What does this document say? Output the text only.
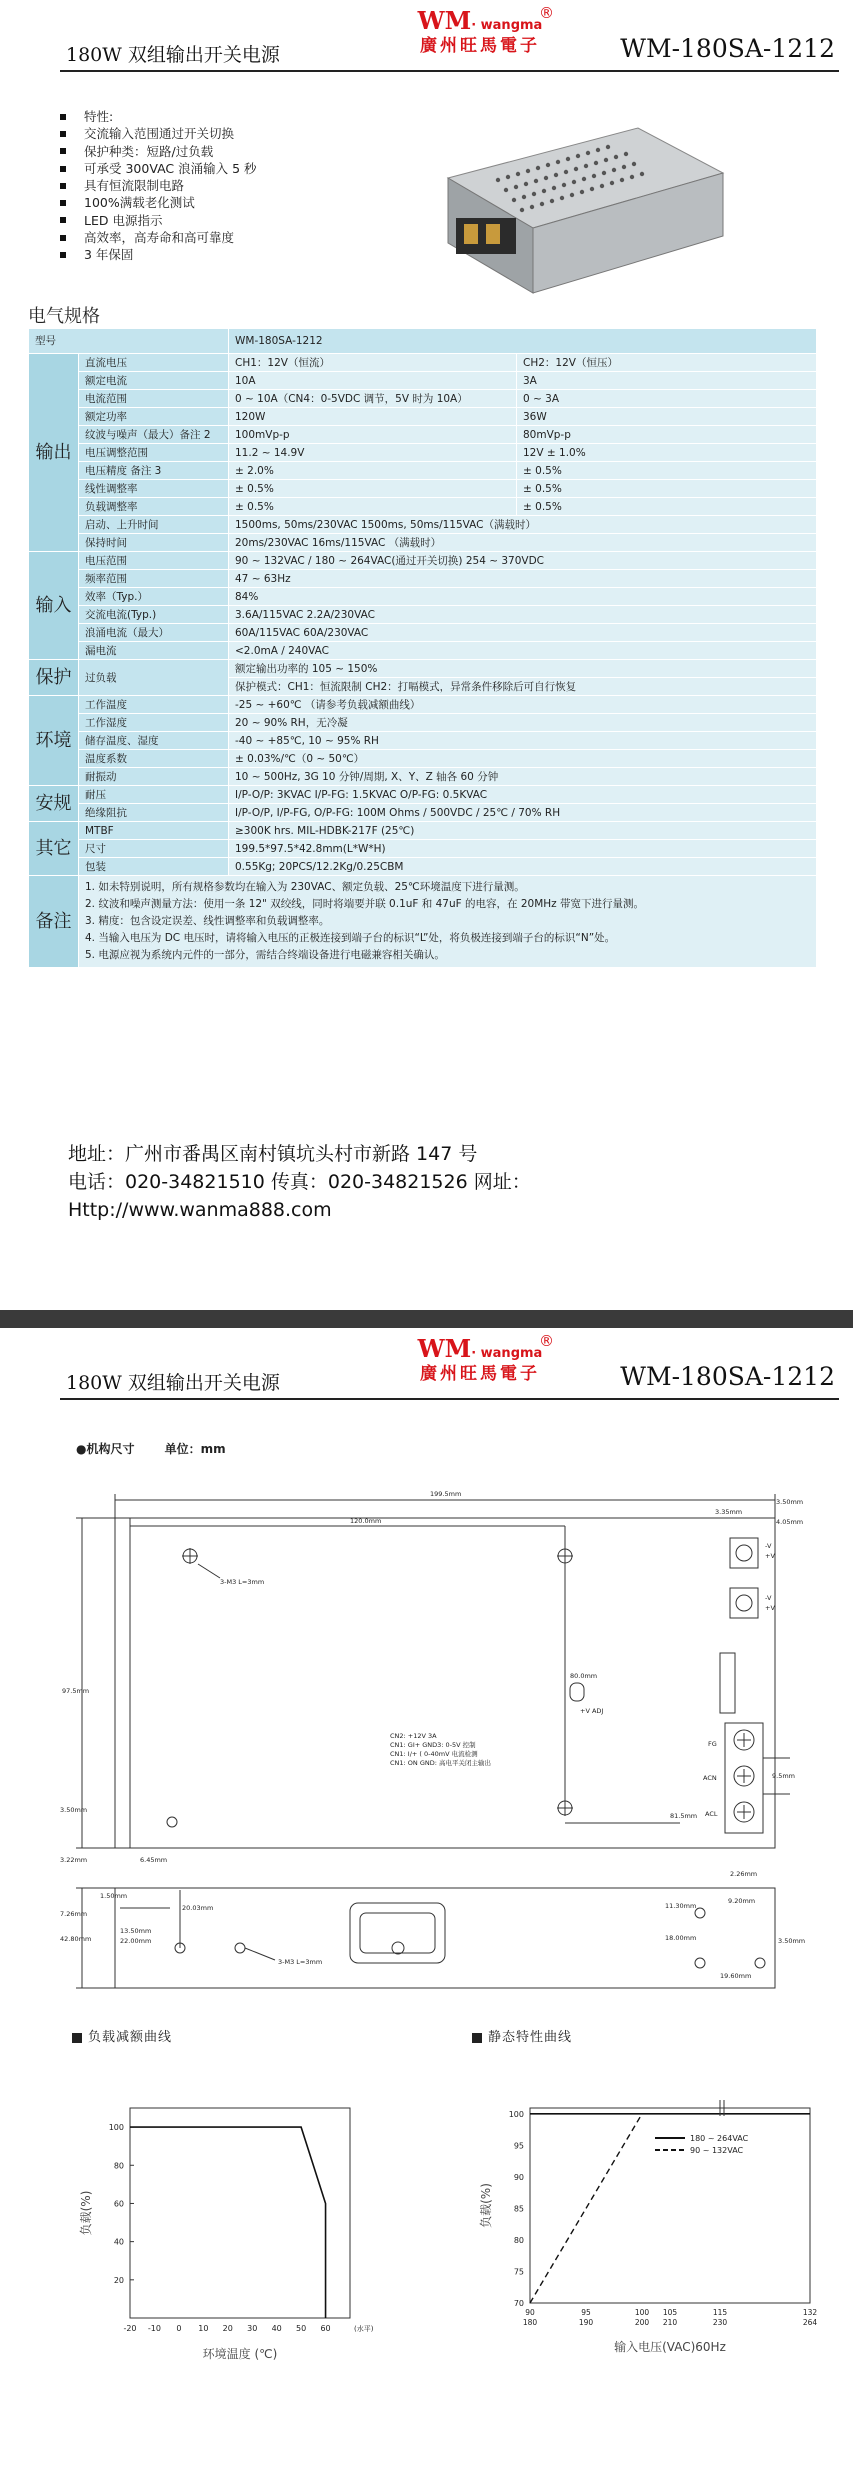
180W 双组输出开关电源
WM· wangma
®
廣州旺馬電子	WM-180SA-1212
特性:
交流输入范围通过开关切换
保护种类：短路/过负载
可承受 300VAC 浪涌输入 5 秒
具有恒流限制电路
100%满载老化测试
LED 电源指示
高效率，高寿命和高可靠度
3 年保固
电气规格
型号		WM-180SA-1212	
输出	直流电压	CH1：12V（恒流）	CH2：12V（恒压）
	额定电流	10A	3A
	电流范围	0 ~ 10A（CN4：0-5VDC 调节，5V 时为 10A）	0 ~ 3A
	额定功率	120W	36W
	纹波与噪声（最大）备注 2	100mVp-p	80mVp-p
	电压调整范围	11.2 ~ 14.9V	12V ± 1.0%
	电压精度 备注 3	± 2.0%	± 0.5%
	线性调整率	± 0.5%	± 0.5%
	负载调整率	± 0.5%	± 0.5%
	启动、上升时间	1500ms, 50ms/230VAC 1500ms, 50ms/115VAC（满载时）	
	保持时间	20ms/230VAC 16ms/115VAC （满载时）	
输入	电压范围	90 ~ 132VAC / 180 ~ 264VAC(通过开关切换) 254 ~ 370VDC	
	频率范围	47 ~ 63Hz	
	效率（Typ.）	84%	
	交流电流(Typ.)	3.6A/115VAC 2.2A/230VAC	
	浪涌电流（最大）	60A/115VAC 60A/230VAC	
	漏电流	<2.0mA / 240VAC	
保护	过负载	额定输出功率的 105 ~ 150%	
		保护模式：CH1：恒流限制 CH2：打嗝模式，异常条件移除后可自行恢复	
环境	工作温度	-25 ~ +60℃ （请参考负载减额曲线）	
	工作湿度	20 ~ 90% RH，无冷凝	
	储存温度、湿度	-40 ~ +85℃, 10 ~ 95% RH	
	温度系数	± 0.03%/℃（0 ~ 50℃）	
	耐振动	10 ~ 500Hz, 3G 10 分钟/周期, X、Y、Z 轴各 60 分钟	
安规	耐压	I/P-O/P: 3KVAC I/P-FG: 1.5KVAC O/P-FG: 0.5KVAC	
	绝缘阻抗	I/P-O/P, I/P-FG, O/P-FG: 100M Ohms / 500VDC / 25℃ / 70% RH	
其它	MTBF	≥300K hrs. MIL-HDBK-217F (25℃)	
	尺寸	199.5*97.5*42.8mm(L*W*H)	
	包装	0.55Kg; 20PCS/12.2Kg/0.25CBM	
备注	1. 如未特别说明，所有规格参数均在输入为 230VAC、额定负载、25℃环境温度下进行量测。
2. 纹波和噪声测量方法：使用一条 12" 双绞线，同时将端要并联 0.1uF 和 47uF 的电容，在 20MHz 带宽下进行量测。
3. 精度：包含设定误差、线性调整率和负载调整率。
4. 当输入电压为 DC 电压时，请将输入电压的正极连接到端子台的标识“L”处，将负极连接到端子台的标识“N”处。
5. 电源应视为系统内元件的一部分，需结合终端设备进行电磁兼容相关确认。		
地址：广州市番禺区南村镇坑头村市新路 147 号
电话：020-34821510 传真：020-34821526 网址：
Http://www.wanma888.com
180W 双组输出开关电源
WM· wangma
®
廣州旺馬電子	WM-180SA-1212
●机构尺寸	单位：mm
199.5mm
120.0mm
97.5mm
80.0mm
81.5mm
3.35mm
3.50mm
4.05mm
9.5mm
3.50mm
3.22mm	6.45mm
42.80mm
7.26mm
20.03mm
13.50mm
22.00mm
2.26mm
9.20mm
11.30mm
18.00mm
19.60mm
3.50mm
1.50mm
3-M3 L=3mm
3-M3 L=3mm
+V ADJ
CN2: +12V 3A
CN1: GI+ GND3: 0-5V 控制
CN1: I/+ ( 0-40mV 电流检测
CN1: ON GND: 高电平关闭主输出
-V
-V
+V
+V
FG
ACN
ACL
负载减额曲线	静态特性曲线
20
40
60
80
100
-20 -10 0 10 20 30 40 50 60	(水平)
环境温度 (℃)
负载(%)
70
75
80
85
90
95
100
90
180
95
190
100
200
105
210
115
230
132
264
180 ~ 264VAC
90 ~ 132VAC
输入电压(VAC)60Hz
负载(%)
